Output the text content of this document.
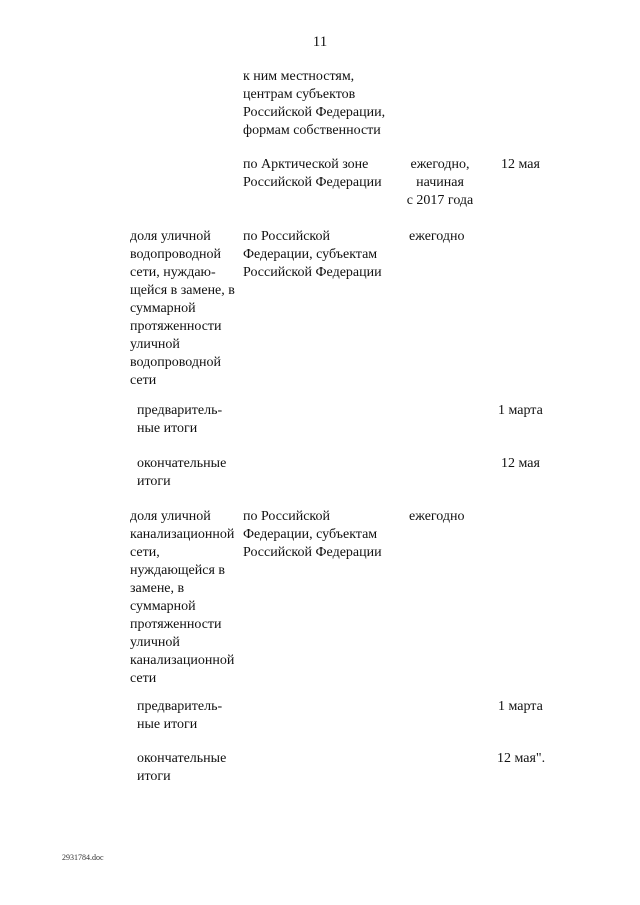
11
к ним местностям,
центрам субъектов
Российской Федерации,
формам собственности
по Арктической зоне
Российской Федерации
ежегодно,
начиная
с 2017 года
12 мая
доля уличной
водопроводной
сети, нуждаю-
щейся в замене, в
суммарной
протяженности
уличной
водопроводной
сети
по Российской
Федерации, субъектам
Российской Федерации
ежегодно
предваритель-
ные итоги
1 марта
окончательные
итоги
12 мая
доля уличной
канализационной
сети,
нуждающейся в
замене, в
суммарной
протяженности
уличной
канализационной
сети
по Российской
Федерации, субъектам
Российской Федерации
ежегодно
предваритель-
ные итоги
1 марта
окончательные
итоги
12 мая".
2931784.doc
